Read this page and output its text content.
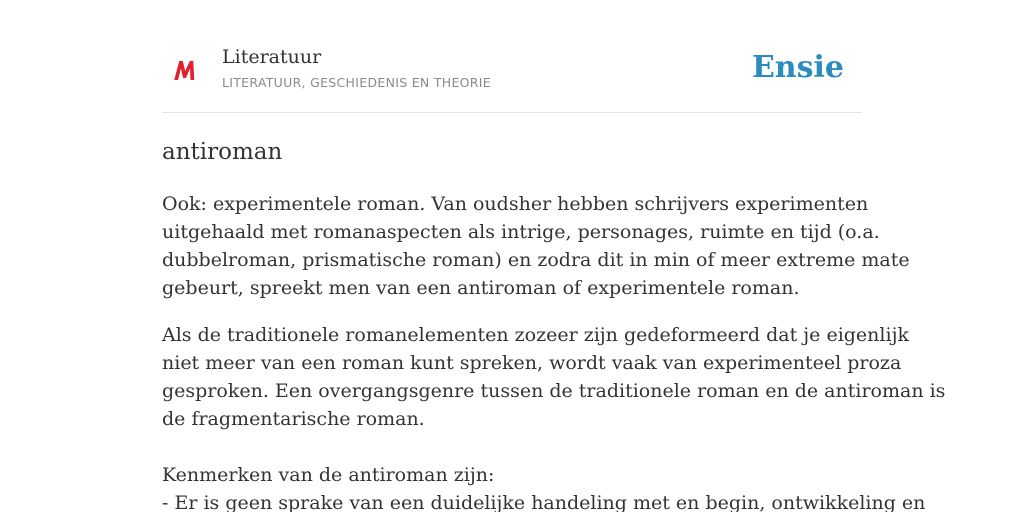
Literatuur
LITERATUUR, GESCHIEDENIS EN THEORIE	Ensie
antiroman

Ook: experimentele roman. Van oudsher hebben schrijvers experimenten
uitgehaald met romanaspecten als intrige, personages, ruimte en tijd (o.a.
dubbelroman, prismatische roman) en zodra dit in min of meer extreme mate
gebeurt, spreekt men van een antiroman of experimentele roman.

Als de traditionele romanelementen zozeer zijn gedeformeerd dat je eigenlijk
niet meer van een roman kunt spreken, wordt vaak van experimenteel proza
gesproken. Een overgangsgenre tussen de traditionele roman en de antiroman is
de fragmentarische roman.

Kenmerken van de antiroman zijn:
- Er is geen sprake van een duidelijke handeling met en begin, ontwikkeling en
